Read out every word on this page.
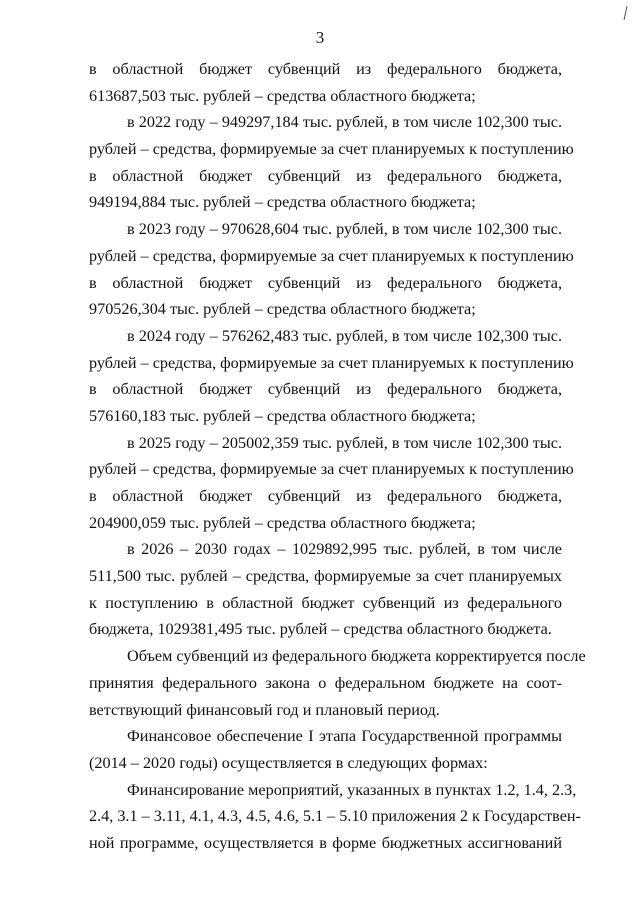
3
в областной бюджет субвенций из федерального бюджета,
613687,503 тыс. рублей – средства областного бюджета;
в 2022 году – 949297,184 тыс. рублей, в том числе 102,300 тыс.
рублей – средства, формируемые за счет планируемых к поступлению
в областной бюджет субвенций из федерального бюджета,
949194,884 тыс. рублей – средства областного бюджета;
в 2023 году – 970628,604 тыс. рублей, в том числе 102,300 тыс.
рублей – средства, формируемые за счет планируемых к поступлению
в областной бюджет субвенций из федерального бюджета,
970526,304 тыс. рублей – средства областного бюджета;
в 2024 году – 576262,483 тыс. рублей, в том числе 102,300 тыс.
рублей – средства, формируемые за счет планируемых к поступлению
в областной бюджет субвенций из федерального бюджета,
576160,183 тыс. рублей – средства областного бюджета;
в 2025 году – 205002,359 тыс. рублей, в том числе 102,300 тыс.
рублей – средства, формируемые за счет планируемых к поступлению
в областной бюджет субвенций из федерального бюджета,
204900,059 тыс. рублей – средства областного бюджета;
в 2026 – 2030 годах – 1029892,995 тыс. рублей, в том числе
511,500 тыс. рублей – средства, формируемые за счет планируемых
к поступлению в областной бюджет субвенций из федерального
бюджета, 1029381,495 тыс. рублей – средства областного бюджета.
Объем субвенций из федерального бюджета корректируется после
принятия федерального закона о федеральном бюджете на соот-
ветствующий финансовый год и плановый период.
Финансовое обеспечение I этапа Государственной программы
(2014 – 2020 годы) осуществляется в следующих формах:
Финансирование мероприятий, указанных в пунктах 1.2, 1.4, 2.3,
2.4, 3.1 – 3.11, 4.1, 4.3, 4.5, 4.6, 5.1 – 5.10 приложения 2 к Государствен-
ной программе, осуществляется в форме бюджетных ассигнований
